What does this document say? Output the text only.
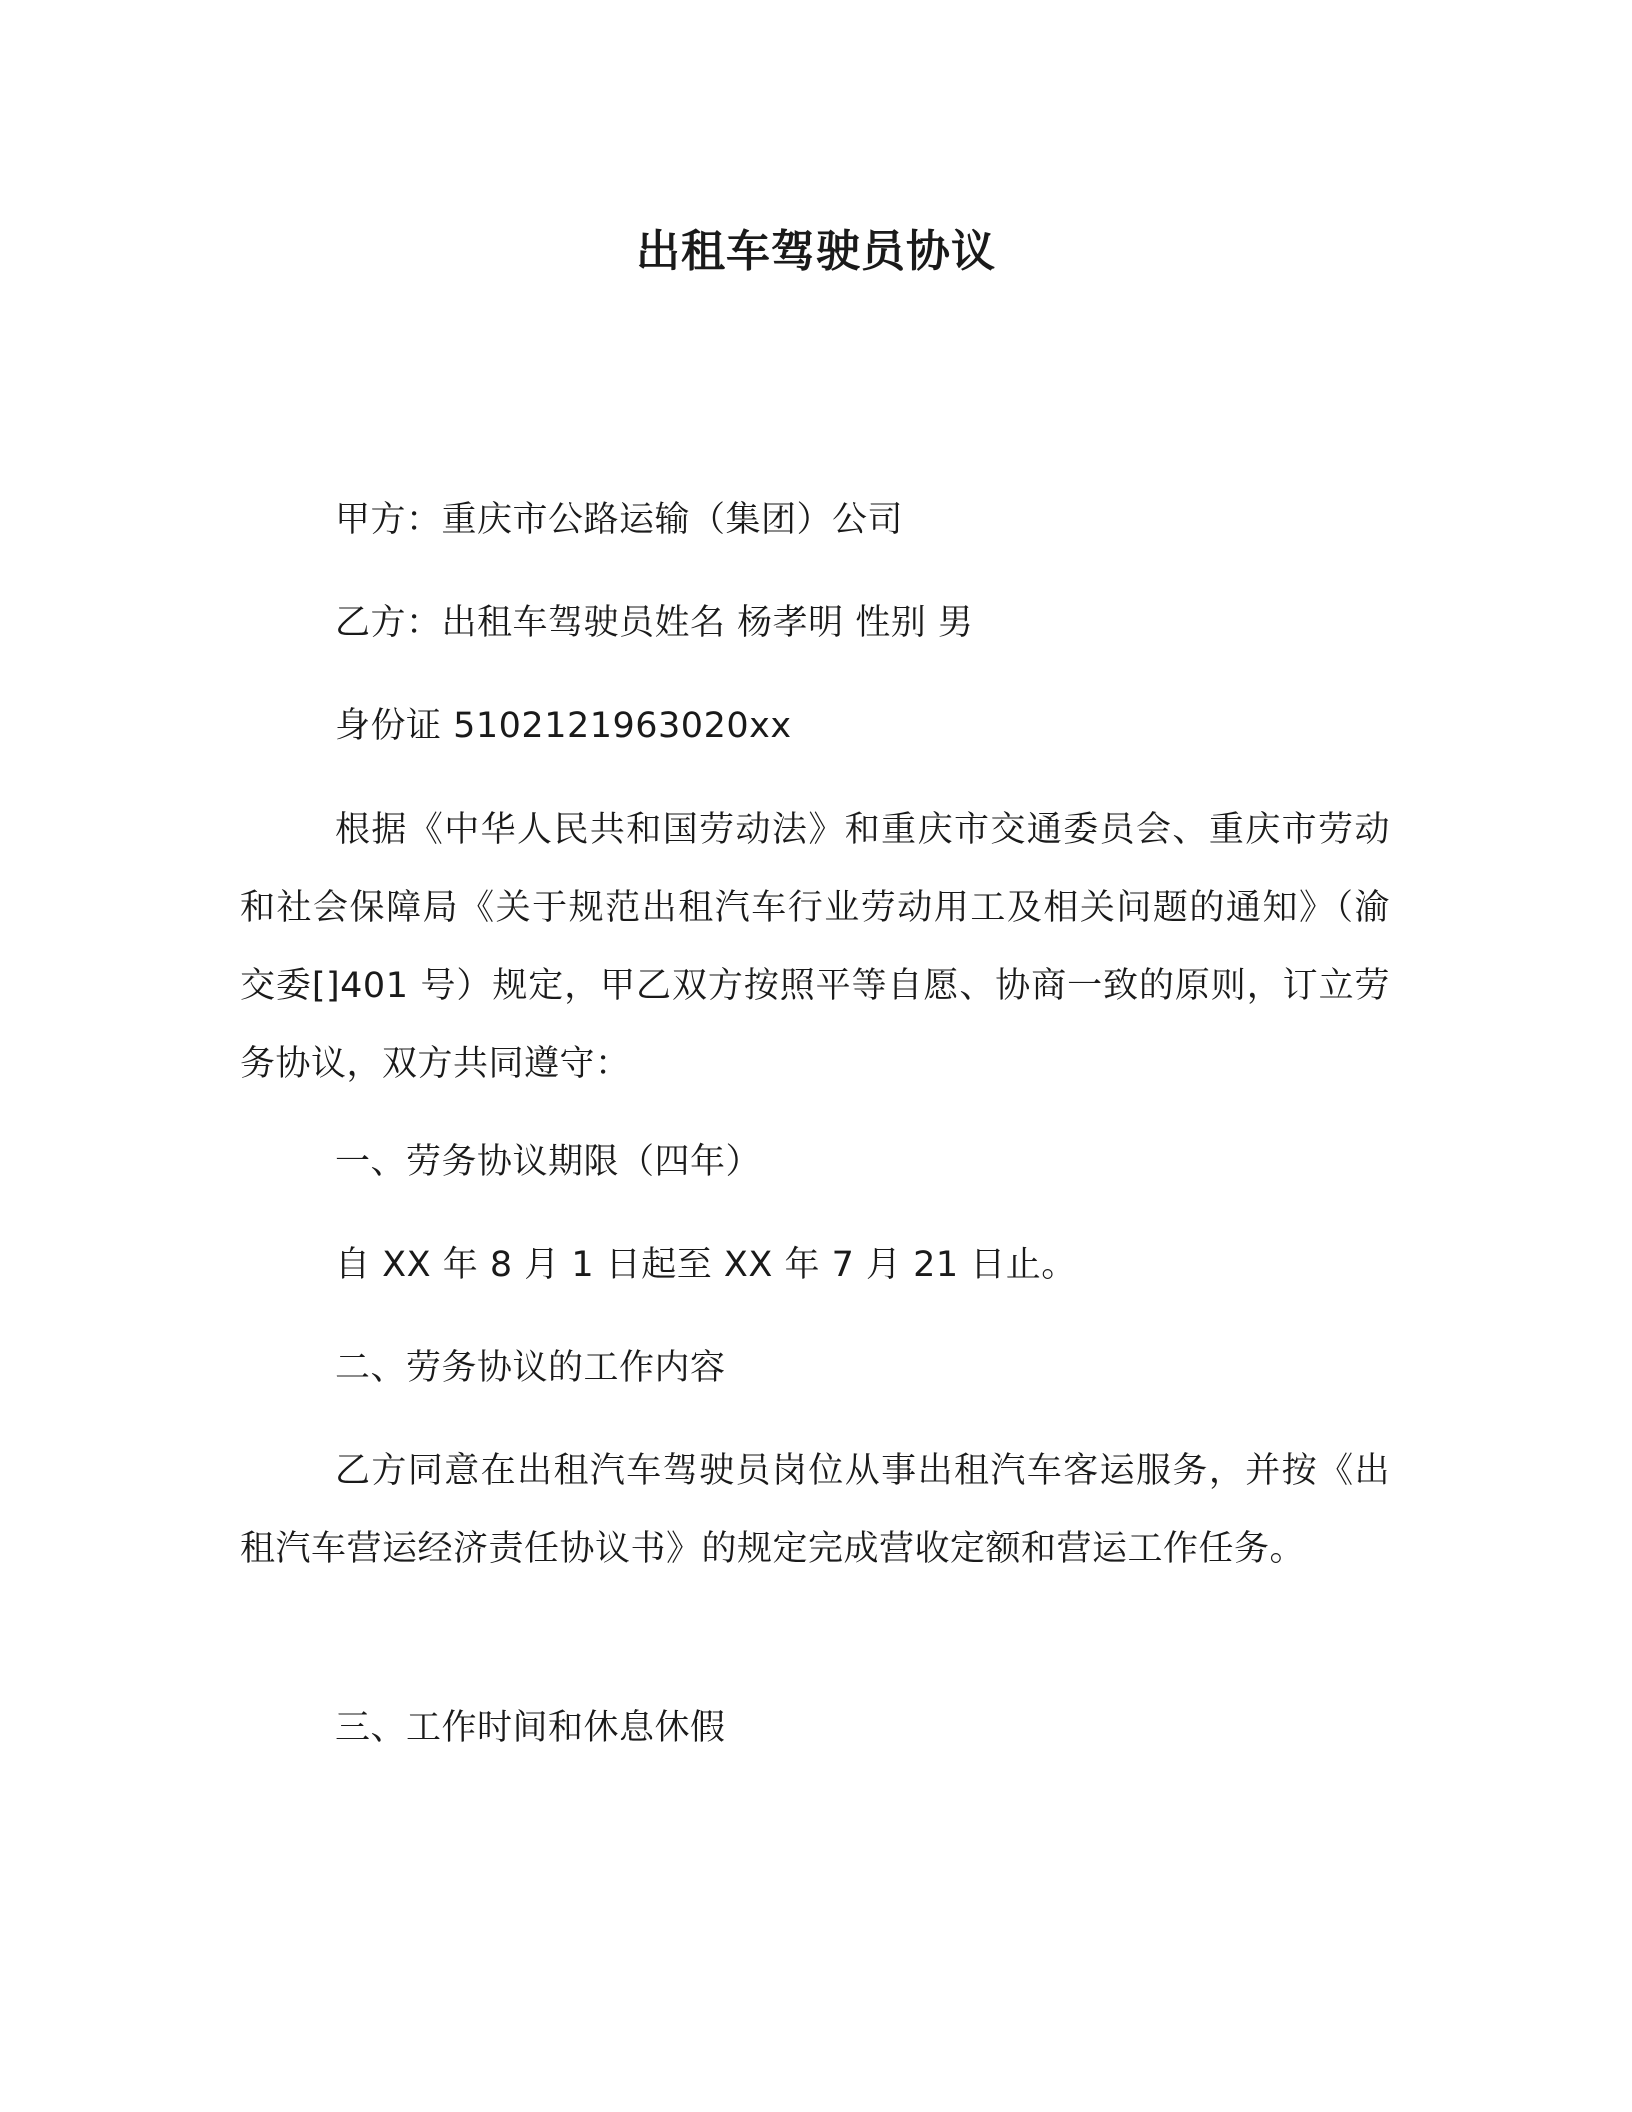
出租车驾驶员协议
甲方：重庆市公路运输（集团）公司
乙方：出租车驾驶员姓名 杨孝明 性别 男
身份证 5102121963020xx
根据《中华人民共和国劳动法》和重庆市交通委员会、重庆市劳动和社会保障局《关于规范出租汽车行业劳动用工及相关问题的通知》（渝交委[]401 号）规定，甲乙双方按照平等自愿、协商一致的原则，订立劳务协议，双方共同遵守：
一、劳务协议期限（四年）
自 XX 年 8 月 1 日起至 XX 年 7 月 21 日止。
二、劳务协议的工作内容
乙方同意在出租汽车驾驶员岗位从事出租汽车客运服务，并按《出租汽车营运经济责任协议书》的规定完成营收定额和营运工作任务。
三、工作时间和休息休假
